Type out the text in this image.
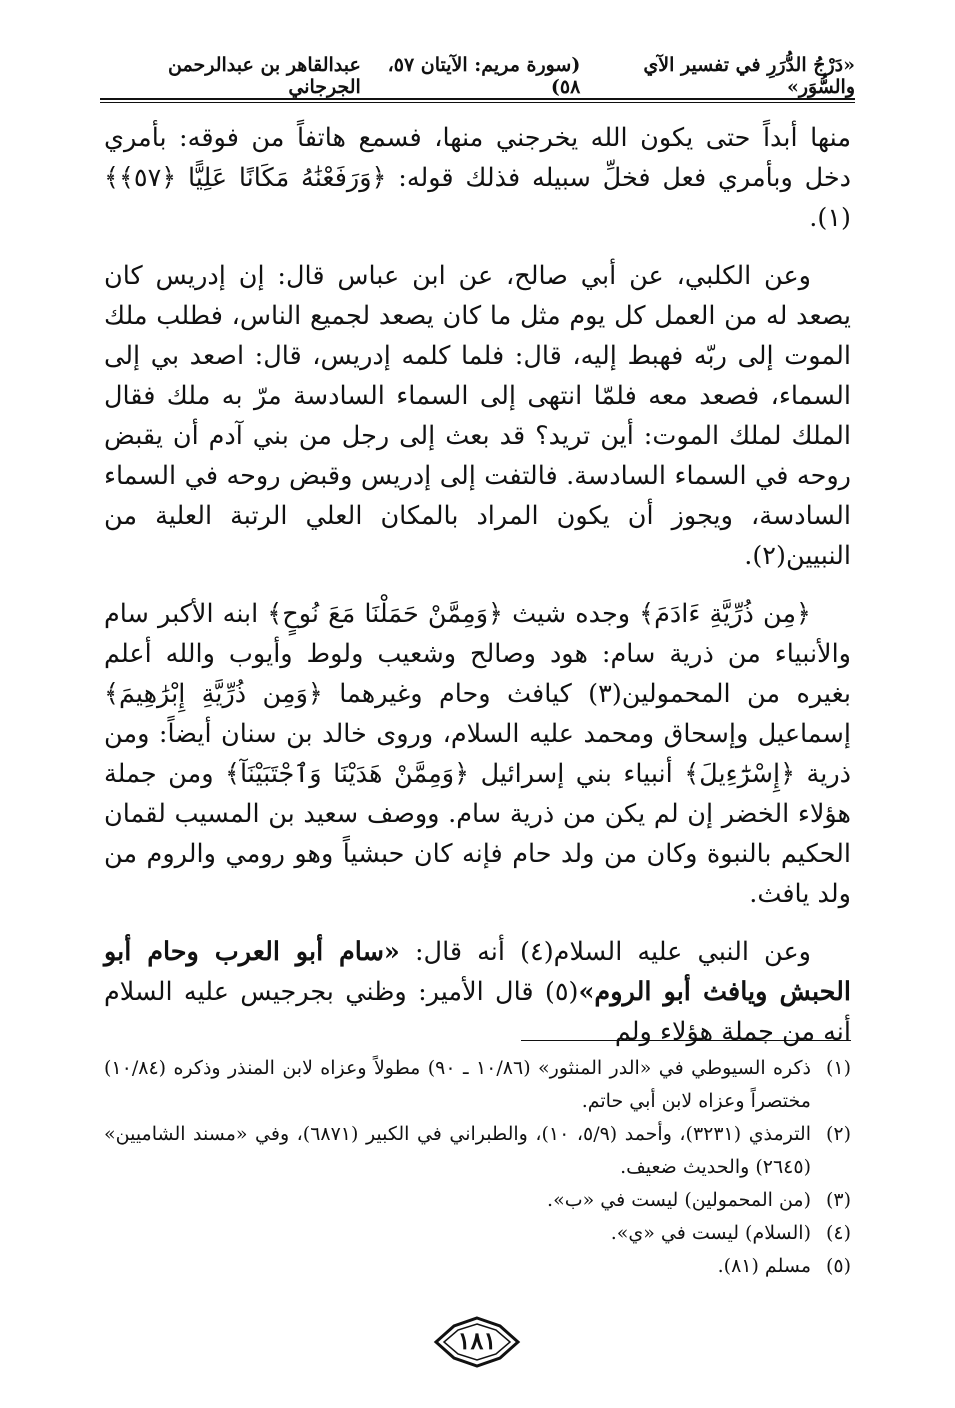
«دَرْجُ الدُّرَرِ في تفسير الآي والسُّوَر»
(سورة مريم: الآيتان ٥٧، ٥٨)
عبدالقاهر بن عبدالرحمن الجرجاني

منها أبداً حتى يكون الله يخرجني منها، فسمع هاتفاً من فوقه: بأمري دخل وبأمري فعل فخلِّ سبيله فذلك قوله: ﴿وَرَفَعْنَٰهُ مَكَانًا عَلِيًّا ﴿٥٧﴾﴾(١).

وعن الكلبي، عن أبي صالح، عن ابن عباس قال: إن إدريس كان يصعد له من العمل كل يوم مثل ما كان يصعد لجميع الناس، فطلب ملك الموت إلى ربّه فهبط إليه، قال: فلما كلمه إدريس، قال: اصعد بي إلى السماء، فصعد معه فلمّا انتهى إلى السماء السادسة مرّ به ملك فقال الملك لملك الموت: أين تريد؟ قد بعث إلى رجل من بني آدم أن يقبض روحه في السماء السادسة. فالتفت إلى إدريس وقبض روحه في السماء السادسة، ويجوز أن يكون المراد بالمكان العلي الرتبة العلية من النبيين(٢).

﴿مِن ذُرِّيَّةِ ءَادَمَ﴾ وجده شيث ﴿وَمِمَّنْ حَمَلْنَا مَعَ نُوحٍ﴾ ابنه الأكبر سام والأنبياء من ذرية سام: هود وصالح وشعيب ولوط وأيوب والله أعلم بغيره من المحمولين(٣) كيافث وحام وغيرهما ﴿وَمِن ذُرِّيَّةِ إِبْرَٰهِيمَ﴾ إسماعيل وإسحاق ومحمد عليه السلام، وروى خالد بن سنان أيضاً: ومن ذرية ﴿إِسْرَٰٓءِيلَ﴾ أنبياء بني إسرائيل ﴿وَمِمَّنْ هَدَيْنَا وَٱجْتَبَيْنَآ﴾ ومن جملة هؤلاء الخضر إن لم يكن من ذرية سام. ووصف سعيد بن المسيب لقمان الحكيم بالنبوة وكان من ولد حام فإنه كان حبشياً وهو رومي والروم من ولد يافث.

وعن النبي عليه السلام(٤) أنه قال: «سام أبو العرب وحام أبو الحبش ويافث أبو الروم»(٥) قال الأمير: وظني بجرجيس عليه السلام أنه من جملة هؤلاء ولم

(١)
ذكره السيوطي في «الدر المنثور» (١٠/٨٦ ـ ٩٠) مطولاً وعزاه لابن المنذر وذكره (١٠/٨٤) مختصراً وعزاه لابن أبي حاتم.
(٢)
الترمذي (٣٢٣١)، وأحمد (٥/٩، ١٠)، والطبراني في الكبير (٦٨٧١)، وفي «مسند الشاميين» (٢٦٤٥) والحديث ضعيف.
(٣)
(من المحمولين) ليست في «ب».
(٤)
(السلام) ليست في «ي».
(٥)
مسلم (٨١).
١٨١
